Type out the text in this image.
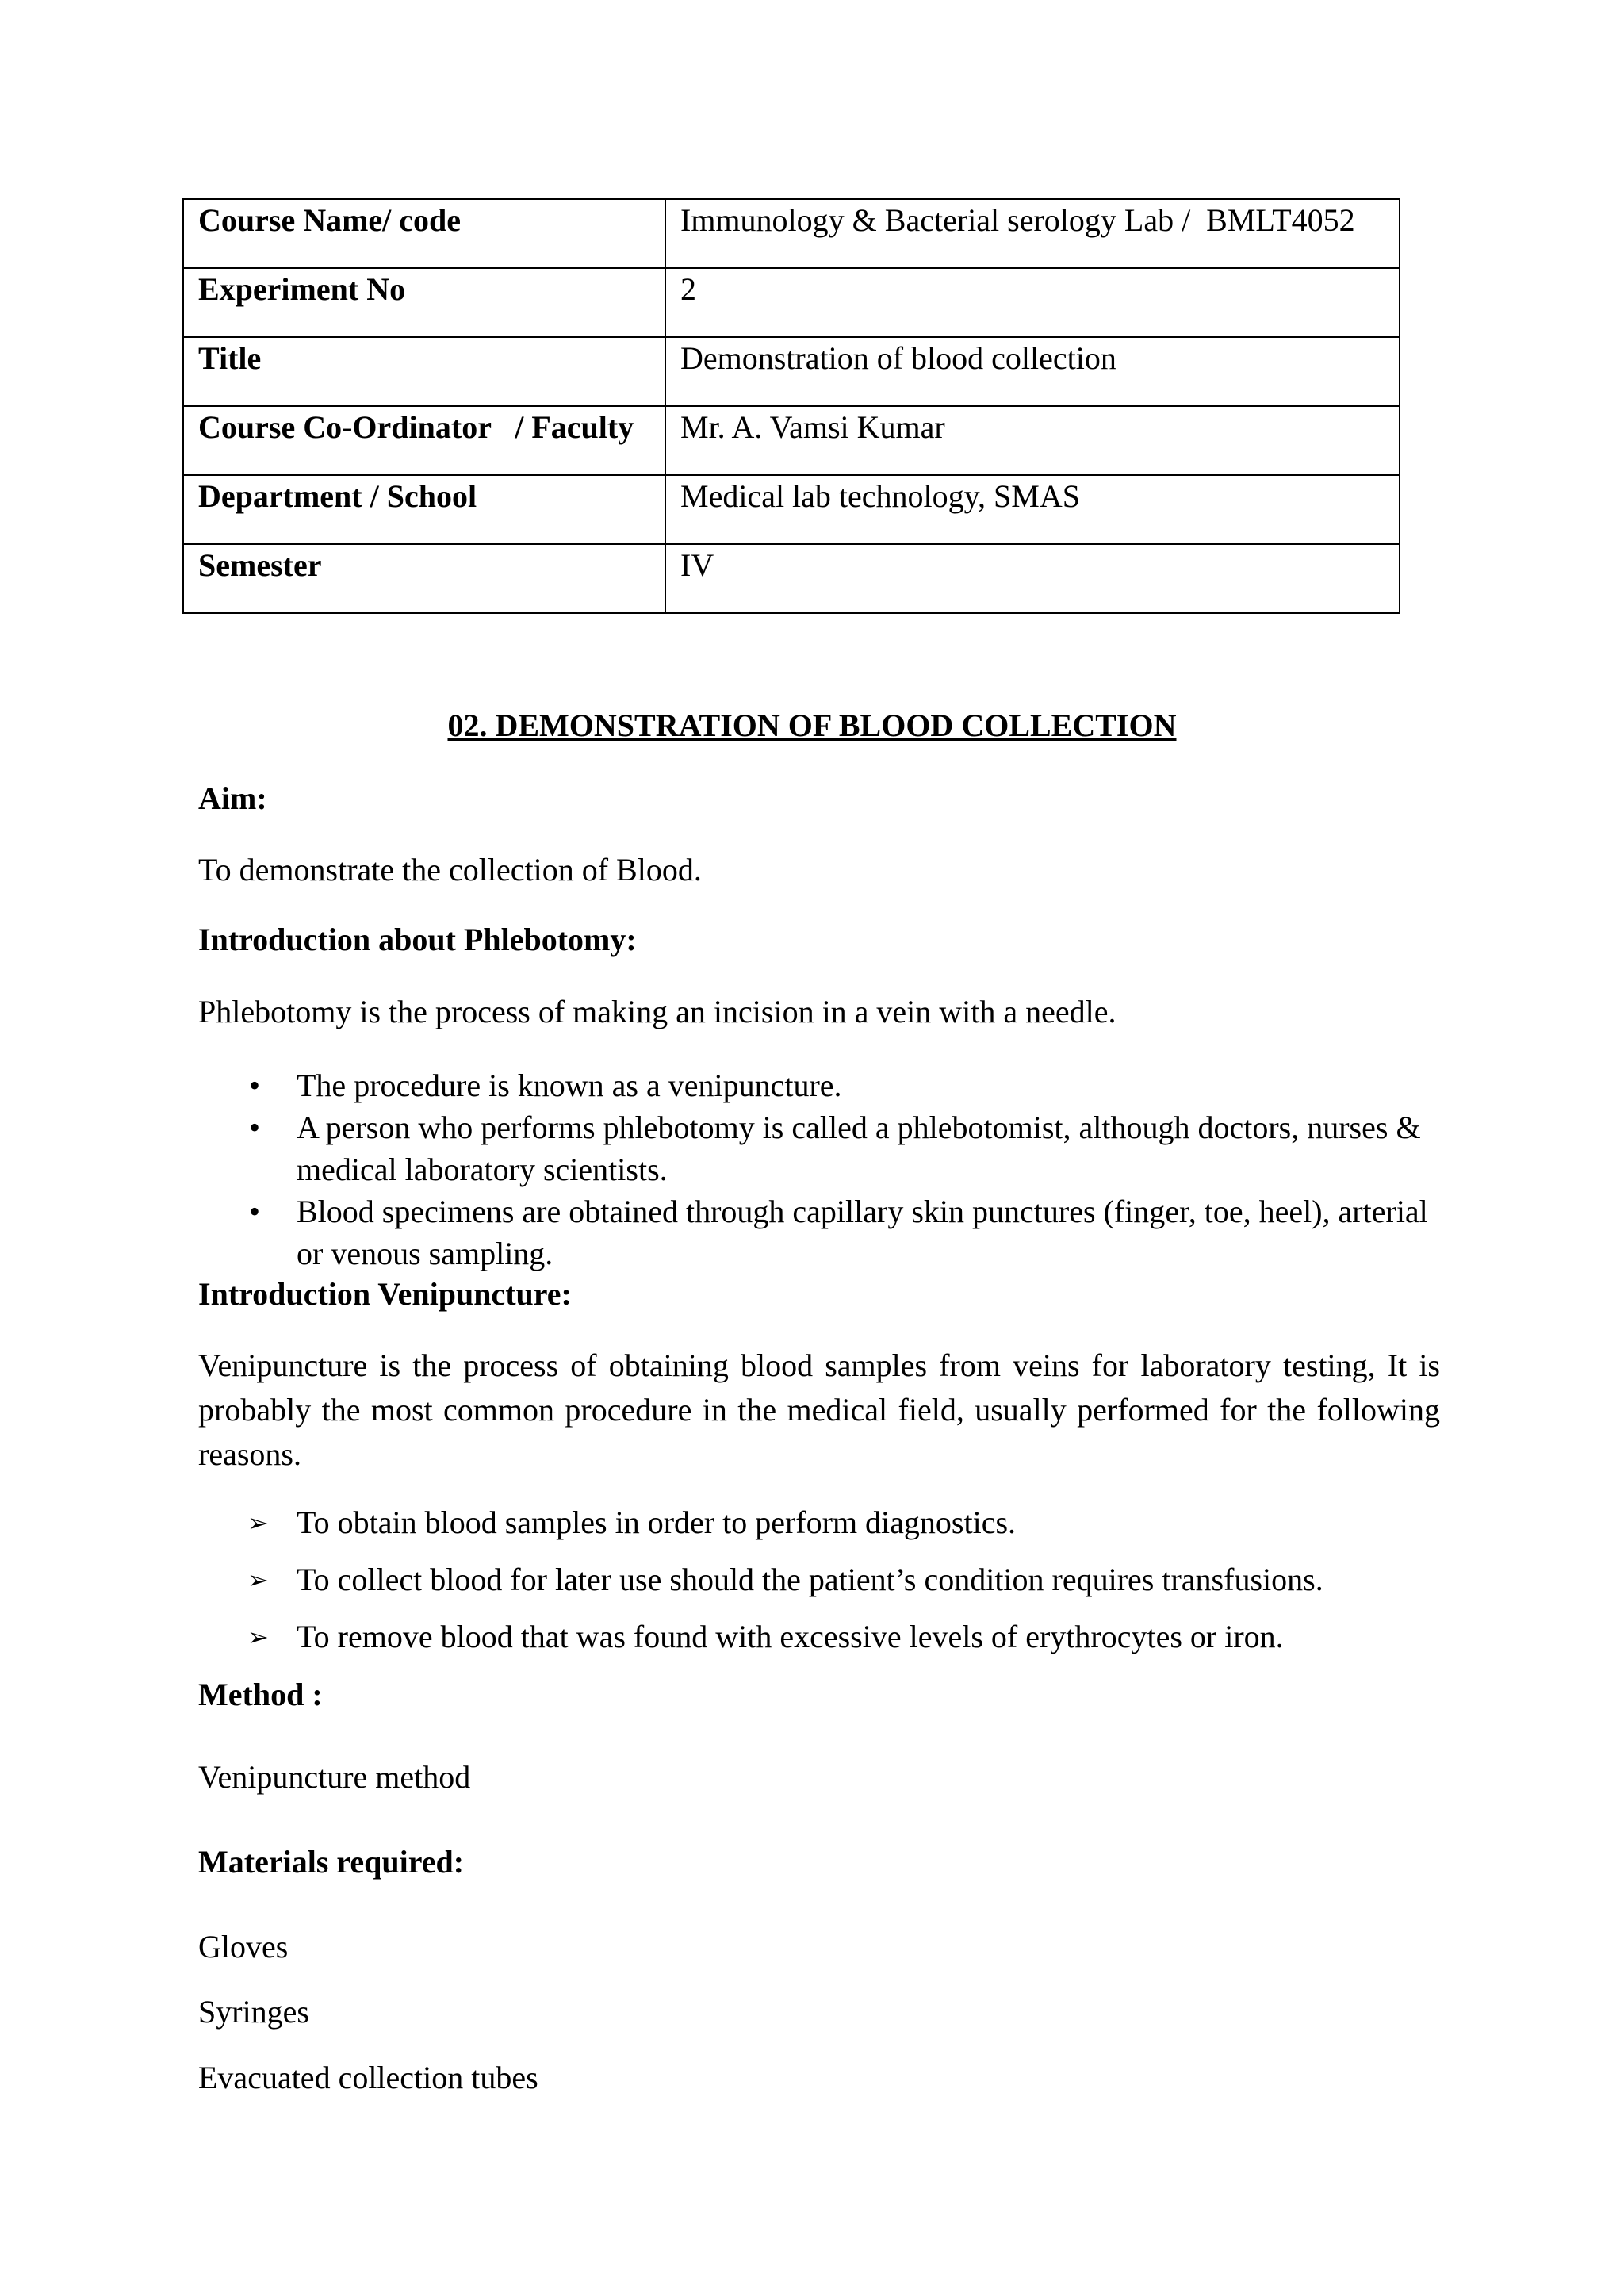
Course Name/ code	Immunology & Bacterial serology Lab /  BMLT4052

Experiment No	2

Title	Demonstration of blood collection

Course Co-Ordinator   / Faculty	Mr. A. Vamsi Kumar

Department / School	Medical lab technology, SMAS

Semester	IV
02. DEMONSTRATION OF BLOOD COLLECTION
Aim:
To demonstrate the collection of Blood.
Introduction about Phlebotomy:
Phlebotomy is the process of making an incision in a vein with a needle.
• The procedure is known as a venipuncture.
• A person who performs phlebotomy is called a phlebotomist, although doctors, nurses & medical laboratory scientists.
• Blood specimens are obtained through capillary skin punctures (finger, toe, heel), arterial or venous sampling.
Introduction Venipuncture:
Venipuncture is the process of obtaining blood samples from veins for laboratory testing, It is probably the most common procedure in the medical field, usually performed for the following reasons.
➢ To obtain blood samples in order to perform diagnostics.
➢ To collect blood for later use should the patient’s condition requires transfusions.
➢ To remove blood that was found with excessive levels of erythrocytes or iron.
Method :
Venipuncture method
Materials required:
Gloves
Syringes
Evacuated collection tubes
